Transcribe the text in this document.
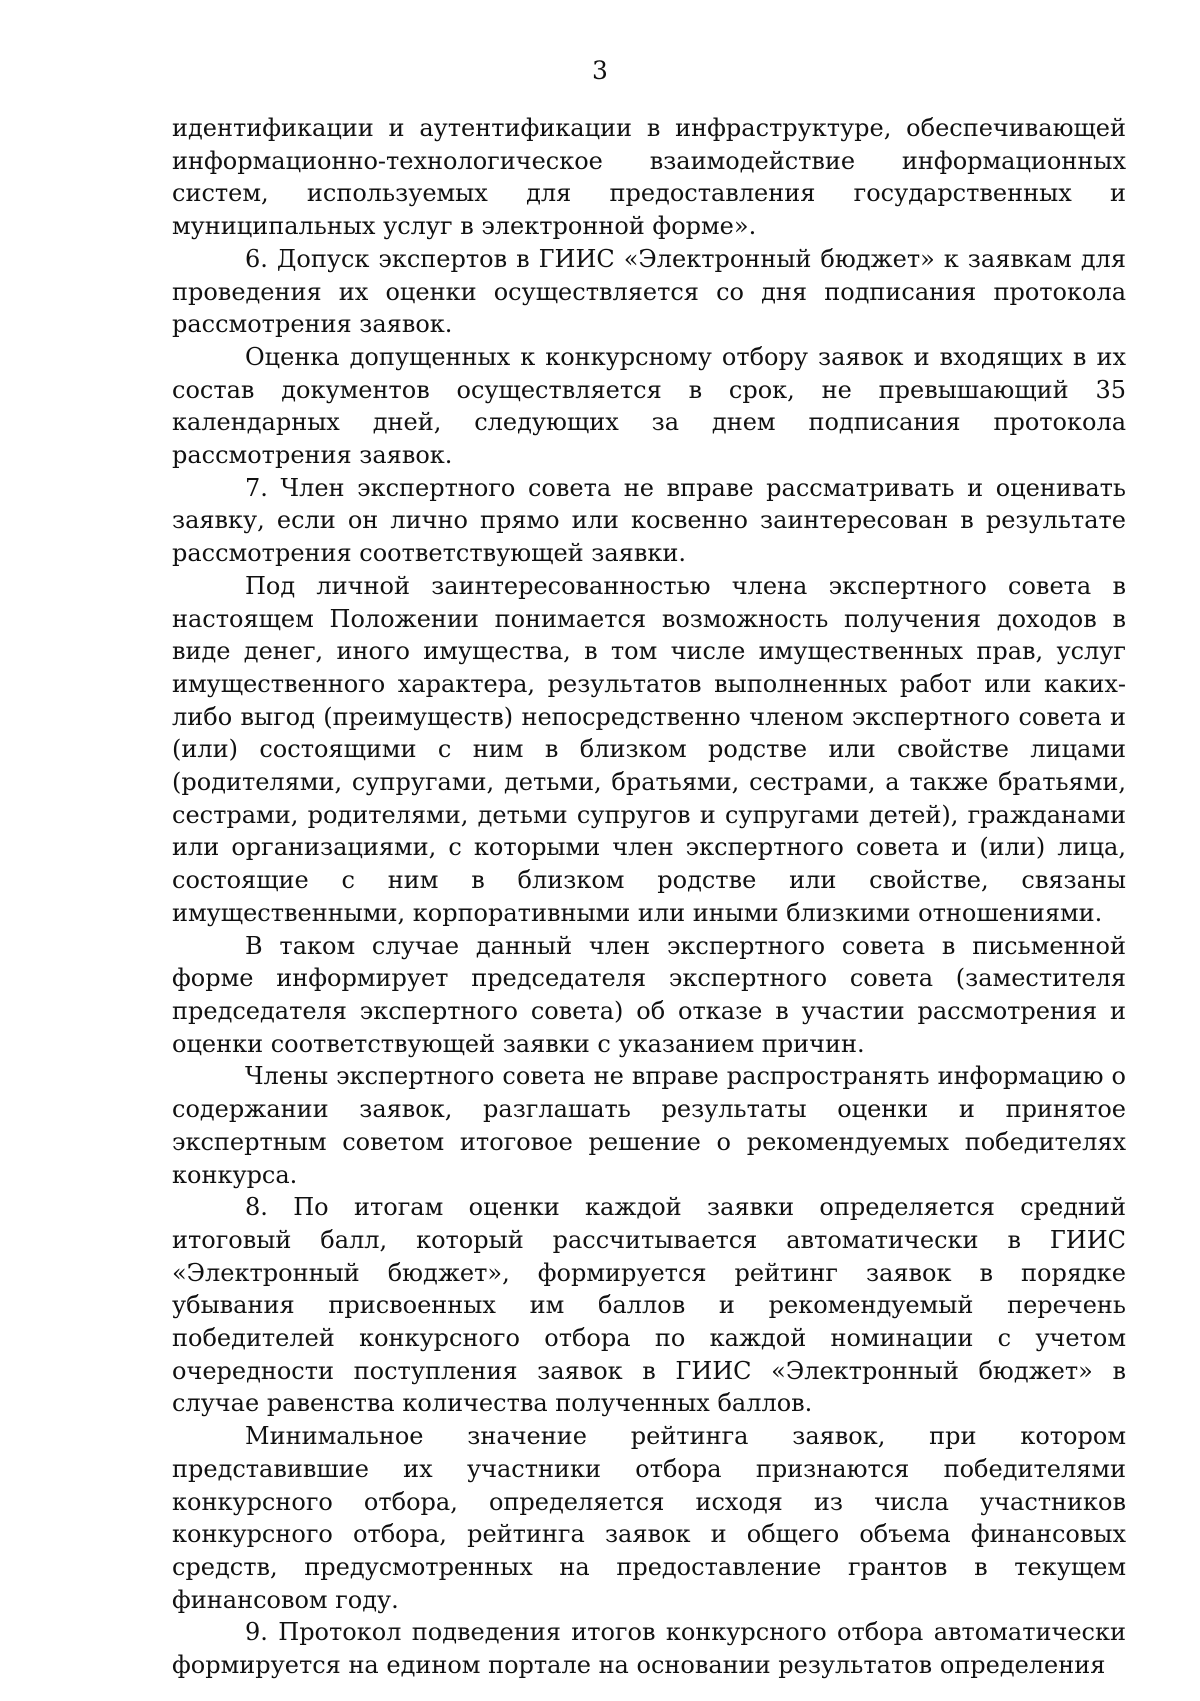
3

идентификации и аутентификации в инфраструктуре, обеспечивающей информационно-технологическое взаимодействие информационных систем, используемых для предоставления государственных и муниципальных услуг в электронной форме».

6. Допуск экспертов в ГИИС «Электронный бюджет» к заявкам для проведения их оценки осуществляется со дня подписания протокола рассмотрения заявок.

Оценка допущенных к конкурсному отбору заявок и входящих в их состав документов осуществляется в срок, не превышающий 35 календарных дней, следующих за днем подписания протокола рассмотрения заявок.

7. Член экспертного совета не вправе рассматривать и оценивать заявку, если он лично прямо или косвенно заинтересован в результате рассмотрения соответствующей заявки.

Под личной заинтересованностью члена экспертного совета в настоящем Положении понимается возможность получения доходов в виде денег, иного имущества, в том числе имущественных прав, услуг имущественного характера, результатов выполненных работ или каких-либо выгод (преимуществ) непосредственно членом экспертного совета и (или) состоящими с ним в близком родстве или свойстве лицами (родителями, супругами, детьми, братьями, сестрами, а также братьями, сестрами, родителями, детьми супругов и супругами детей), гражданами или организациями, с которыми член экспертного совета и (или) лица, состоящие с ним в близком родстве или свойстве, связаны имущественными, корпоративными или иными близкими отношениями.

В таком случае данный член экспертного совета в письменной форме информирует председателя экспертного совета (заместителя председателя экспертного совета) об отказе в участии рассмотрения и оценки соответствующей заявки с указанием причин.

Члены экспертного совета не вправе распространять информацию о содержании заявок, разглашать результаты оценки и принятое экспертным советом итоговое решение о рекомендуемых победителях конкурса.

8. По итогам оценки каждой заявки определяется средний итоговый балл, который рассчитывается автоматически в ГИИС «Электронный бюджет», формируется рейтинг заявок в порядке убывания присвоенных им баллов и рекомендуемый перечень победителей конкурсного отбора по каждой номинации с учетом очередности поступления заявок в ГИИС «Электронный бюджет» в случае равенства количества полученных баллов.

Минимальное значение рейтинга заявок, при котором представившие их участники отбора признаются победителями конкурсного отбора, определяется исходя из числа участников конкурсного отбора, рейтинга заявок и общего объема финансовых средств, предусмотренных на предоставление грантов в текущем финансовом году.

9. Протокол подведения итогов конкурсного отбора автоматически формируется на едином портале на основании результатов определения
